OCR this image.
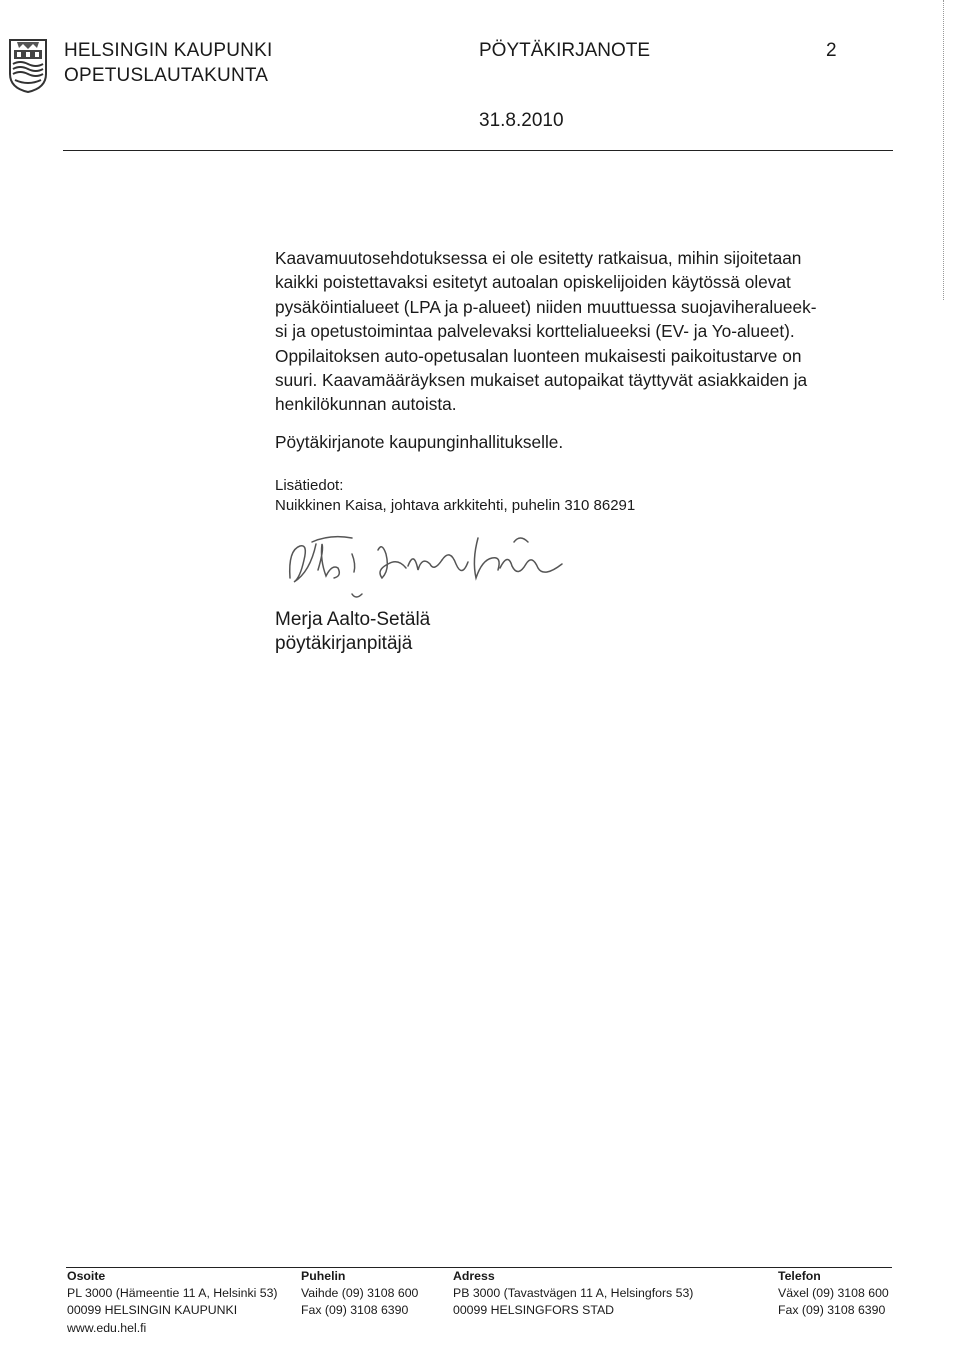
HELSINGIN KAUPUNKI
OPETUSLAUTAKUNTA
PÖYTÄKIRJANOTE	2
31.8.2010

Kaavamuutosehdotuksessa ei ole esitetty ratkaisua, mihin sijoitetaan

kaikki poistettavaksi esitetyt autoalan opiskelijoiden käytössä olevat

pysäköintialueet (LPA ja p-alueet) niiden muuttuessa suojaviheralueek-

si ja opetustoimintaa palvelevaksi korttelialueeksi (EV- ja Yo-alueet).

Oppilaitoksen auto-opetusalan luonteen mukaisesti paikoitustarve on

suuri. Kaavamääräyksen mukaiset autopaikat täyttyvät asiakkaiden ja

henkilökunnan autoista.

Pöytäkirjanote kaupunginhallitukselle.
Lisätiedot:
Nuikkinen Kaisa, johtava arkkitehti, puhelin 310 86291
Merja Aalto-Setälä
pöytäkirjanpitäjä
Osoite
PL 3000 (Hämeentie 11 A, Helsinki 53)
00099 HELSINGIN KAUPUNKI
www.edu.hel.fi
Puhelin
Vaihde (09) 3108 600
Fax (09) 3108 6390
Adress
PB 3000 (Tavastvägen 11 A, Helsingfors 53)
00099 HELSINGFORS STAD
Telefon
Växel (09) 3108 600
Fax (09) 3108 6390
